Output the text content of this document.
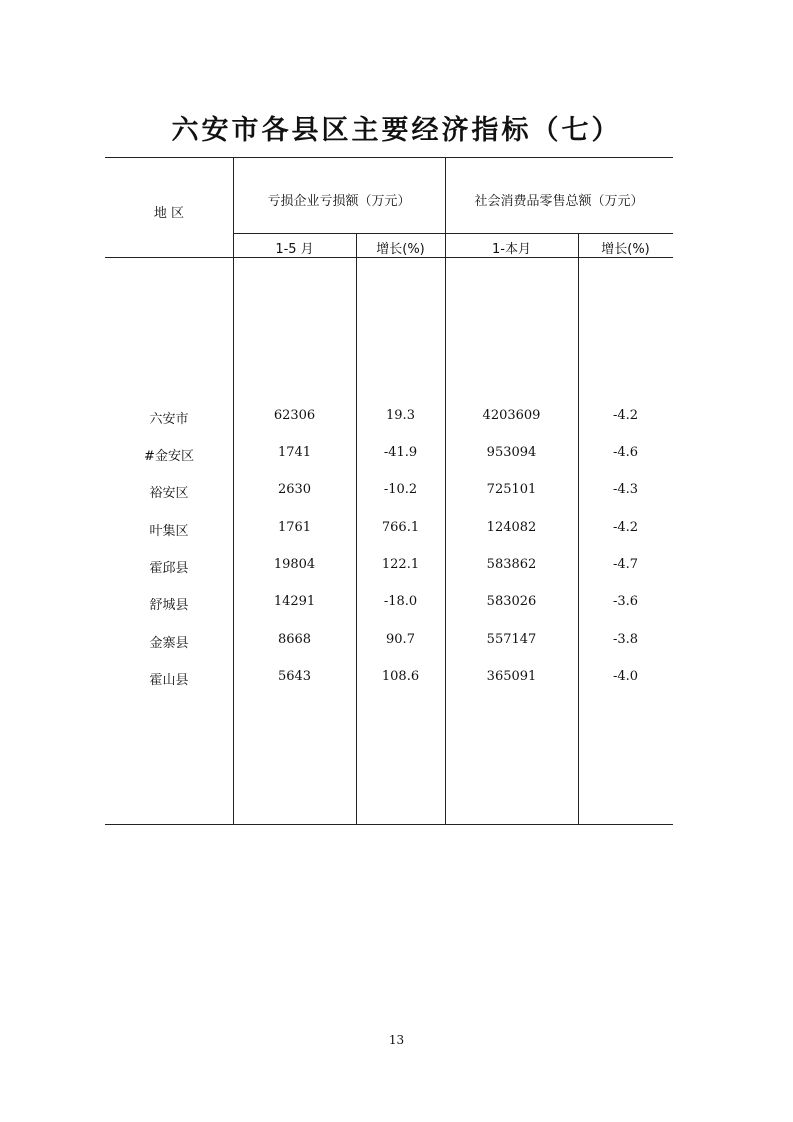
六安市各县区主要经济指标（七）
地 区
亏损企业亏损额（万元）	社会消费品零售总额（万元）
1-5 月	增长(%)	1-本月	增长(%)
六安市	62306	19.3	4203609	-4.2
#金安区	1741	-41.9	953094	-4.6
裕安区	2630	-10.2	725101	-4.3
叶集区	1761	766.1	124082	-4.2
霍邱县	19804	122.1	583862	-4.7
舒城县	14291	-18.0	583026	-3.6
金寨县	8668	90.7	557147	-3.8
霍山县	5643	108.6	365091	-4.0
13
